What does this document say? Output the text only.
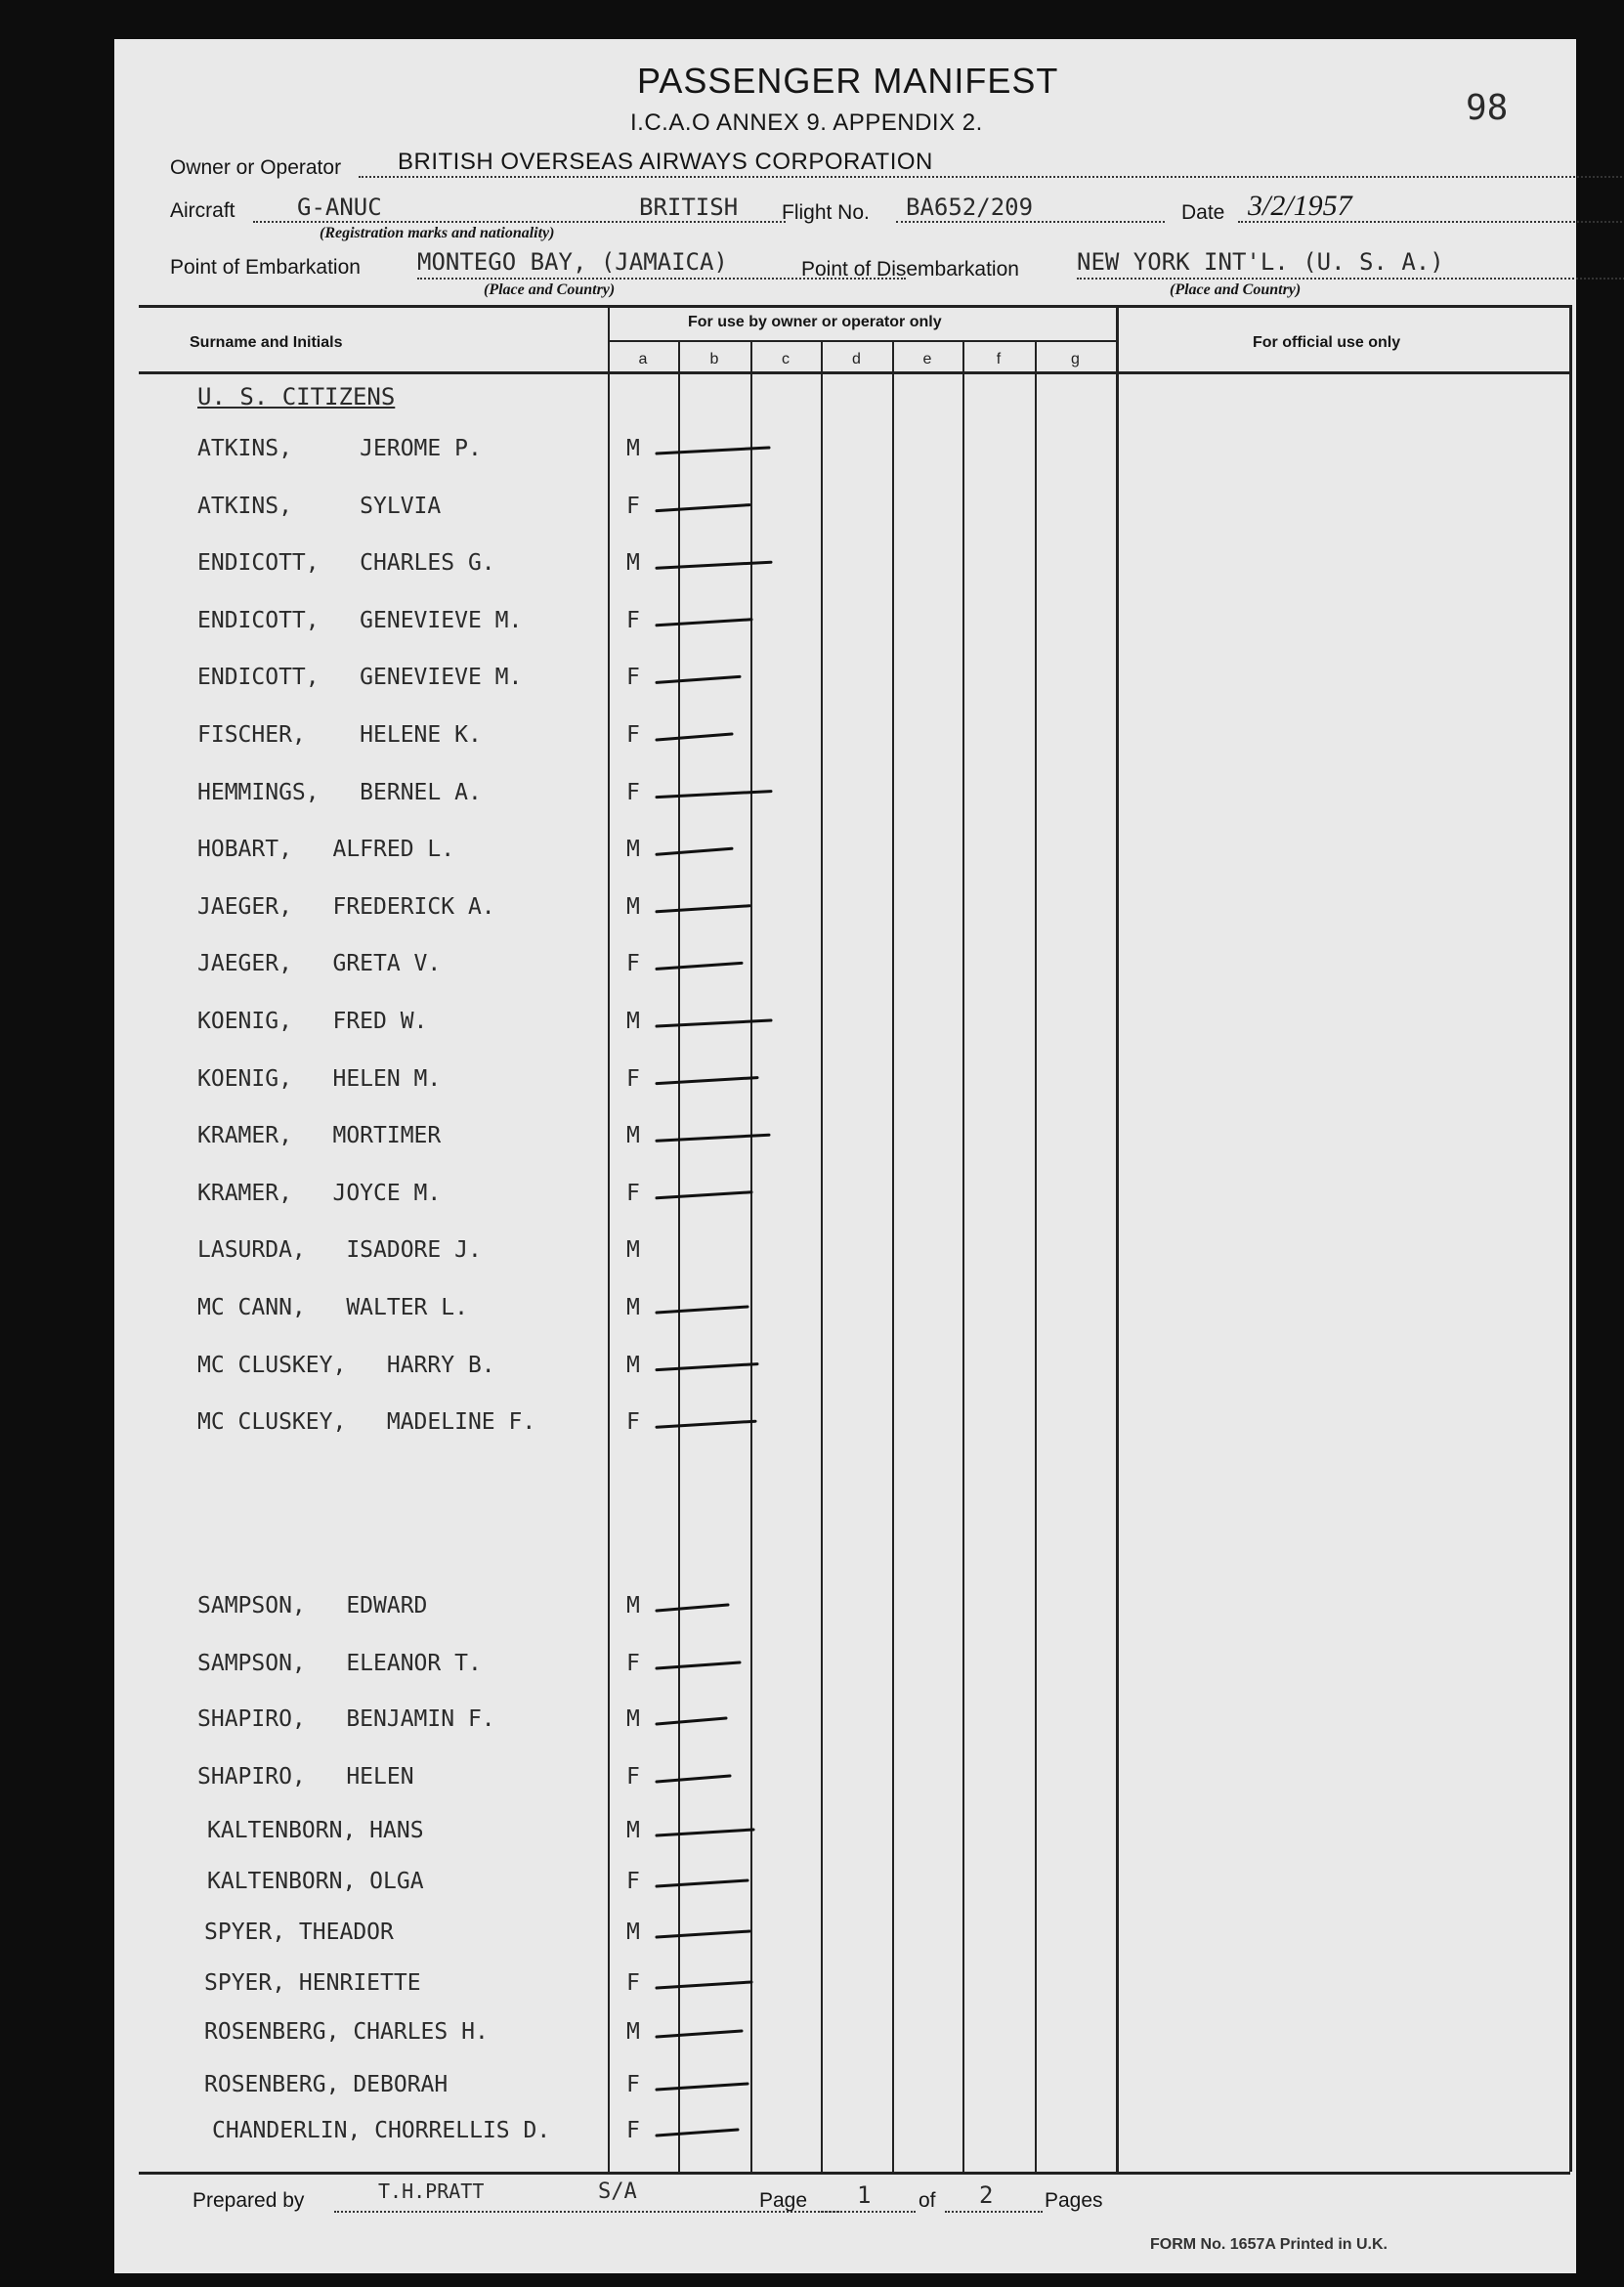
PASSENGER MANIFEST
I.C.A.O ANNEX 9. APPENDIX 2.	98
Owner or Operator BRITISH OVERSEAS AIRWAYS CORPORATION
Aircraft	G-ANUC	BRITISH
(Registration marks and nationality)
Flight No. BA652/209	Date 3/2/1957
Point of Embarkation MONTEGO BAY, (JAMAICA)
(Place and Country)
Point of Disembarkation NEW YORK INT'L. (U. S. A.)
(Place and Country)
Surname and Initials
For use by owner or operator only
For official use only
a	b	c	d	e	f	g
U. S. CITIZENS
ATKINS,     JEROME P.	M
ATKINS,     SYLVIA	F
ENDICOTT,   CHARLES G.	M
ENDICOTT,   GENEVIEVE M.	F
ENDICOTT,   GENEVIEVE M.	F
FISCHER,    HELENE K.	F
HEMMINGS,   BERNEL A.	F
HOBART,   ALFRED L.	M
JAEGER,   FREDERICK A.	M
JAEGER,   GRETA V.	F
KOENIG,   FRED W.	M
KOENIG,   HELEN M.	F
KRAMER,   MORTIMER	M
KRAMER,   JOYCE M.	F
LASURDA,   ISADORE J.	M
MC CANN,   WALTER L.	M
MC CLUSKEY,   HARRY B.	M
MC CLUSKEY,   MADELINE F.	F
SAMPSON,   EDWARD	M
SAMPSON,   ELEANOR T.	F
SHAPIRO,   BENJAMIN F.	M
SHAPIRO,   HELEN	F
KALTENBORN, HANS	M
KALTENBORN, OLGA	F
SPYER, THEADOR	M
SPYER, HENRIETTE	F
ROSENBERG, CHARLES H.	M
ROSENBERG, DEBORAH	F
CHANDERLIN, CHORRELLIS D.	F
Prepared by	T.H.PRATT	S/A	Page 1 of 2	Pages
FORM No. 1657A Printed in U.K.
